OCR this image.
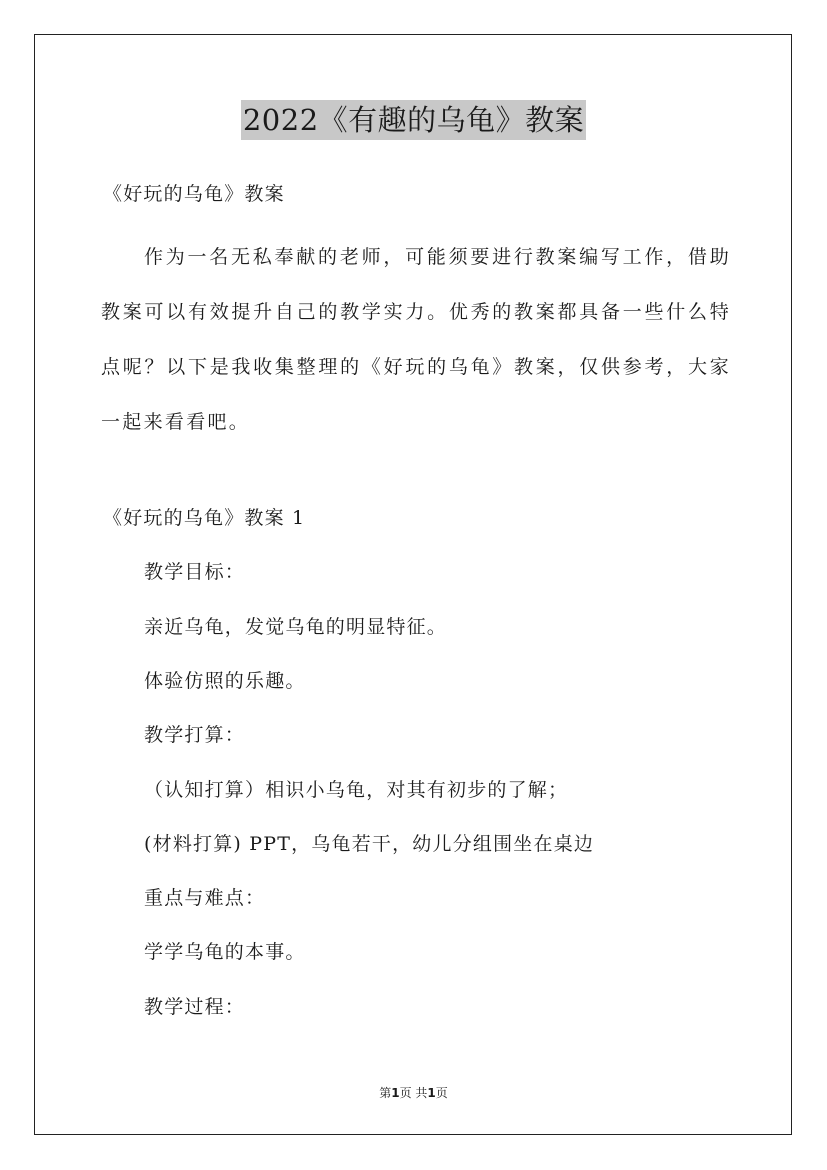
2022《有趣的乌龟》教案
《好玩的乌龟》教案
作为一名无私奉献的老师，可能须要进行教案编写工作，借助教案可以有效提升自己的教学实力。优秀的教案都具备一些什么特点呢？以下是我收集整理的《好玩的乌龟》教案，仅供参考，大家一起来看看吧。
《好玩的乌龟》教案 1
教学目标：
亲近乌龟，发觉乌龟的明显特征。
体验仿照的乐趣。
教学打算：
（认知打算）相识小乌龟，对其有初步的了解；
(材料打算) PPT，乌龟若干，幼儿分组围坐在桌边
重点与难点：
学学乌龟的本事。
教学过程：
第1页 共1页
